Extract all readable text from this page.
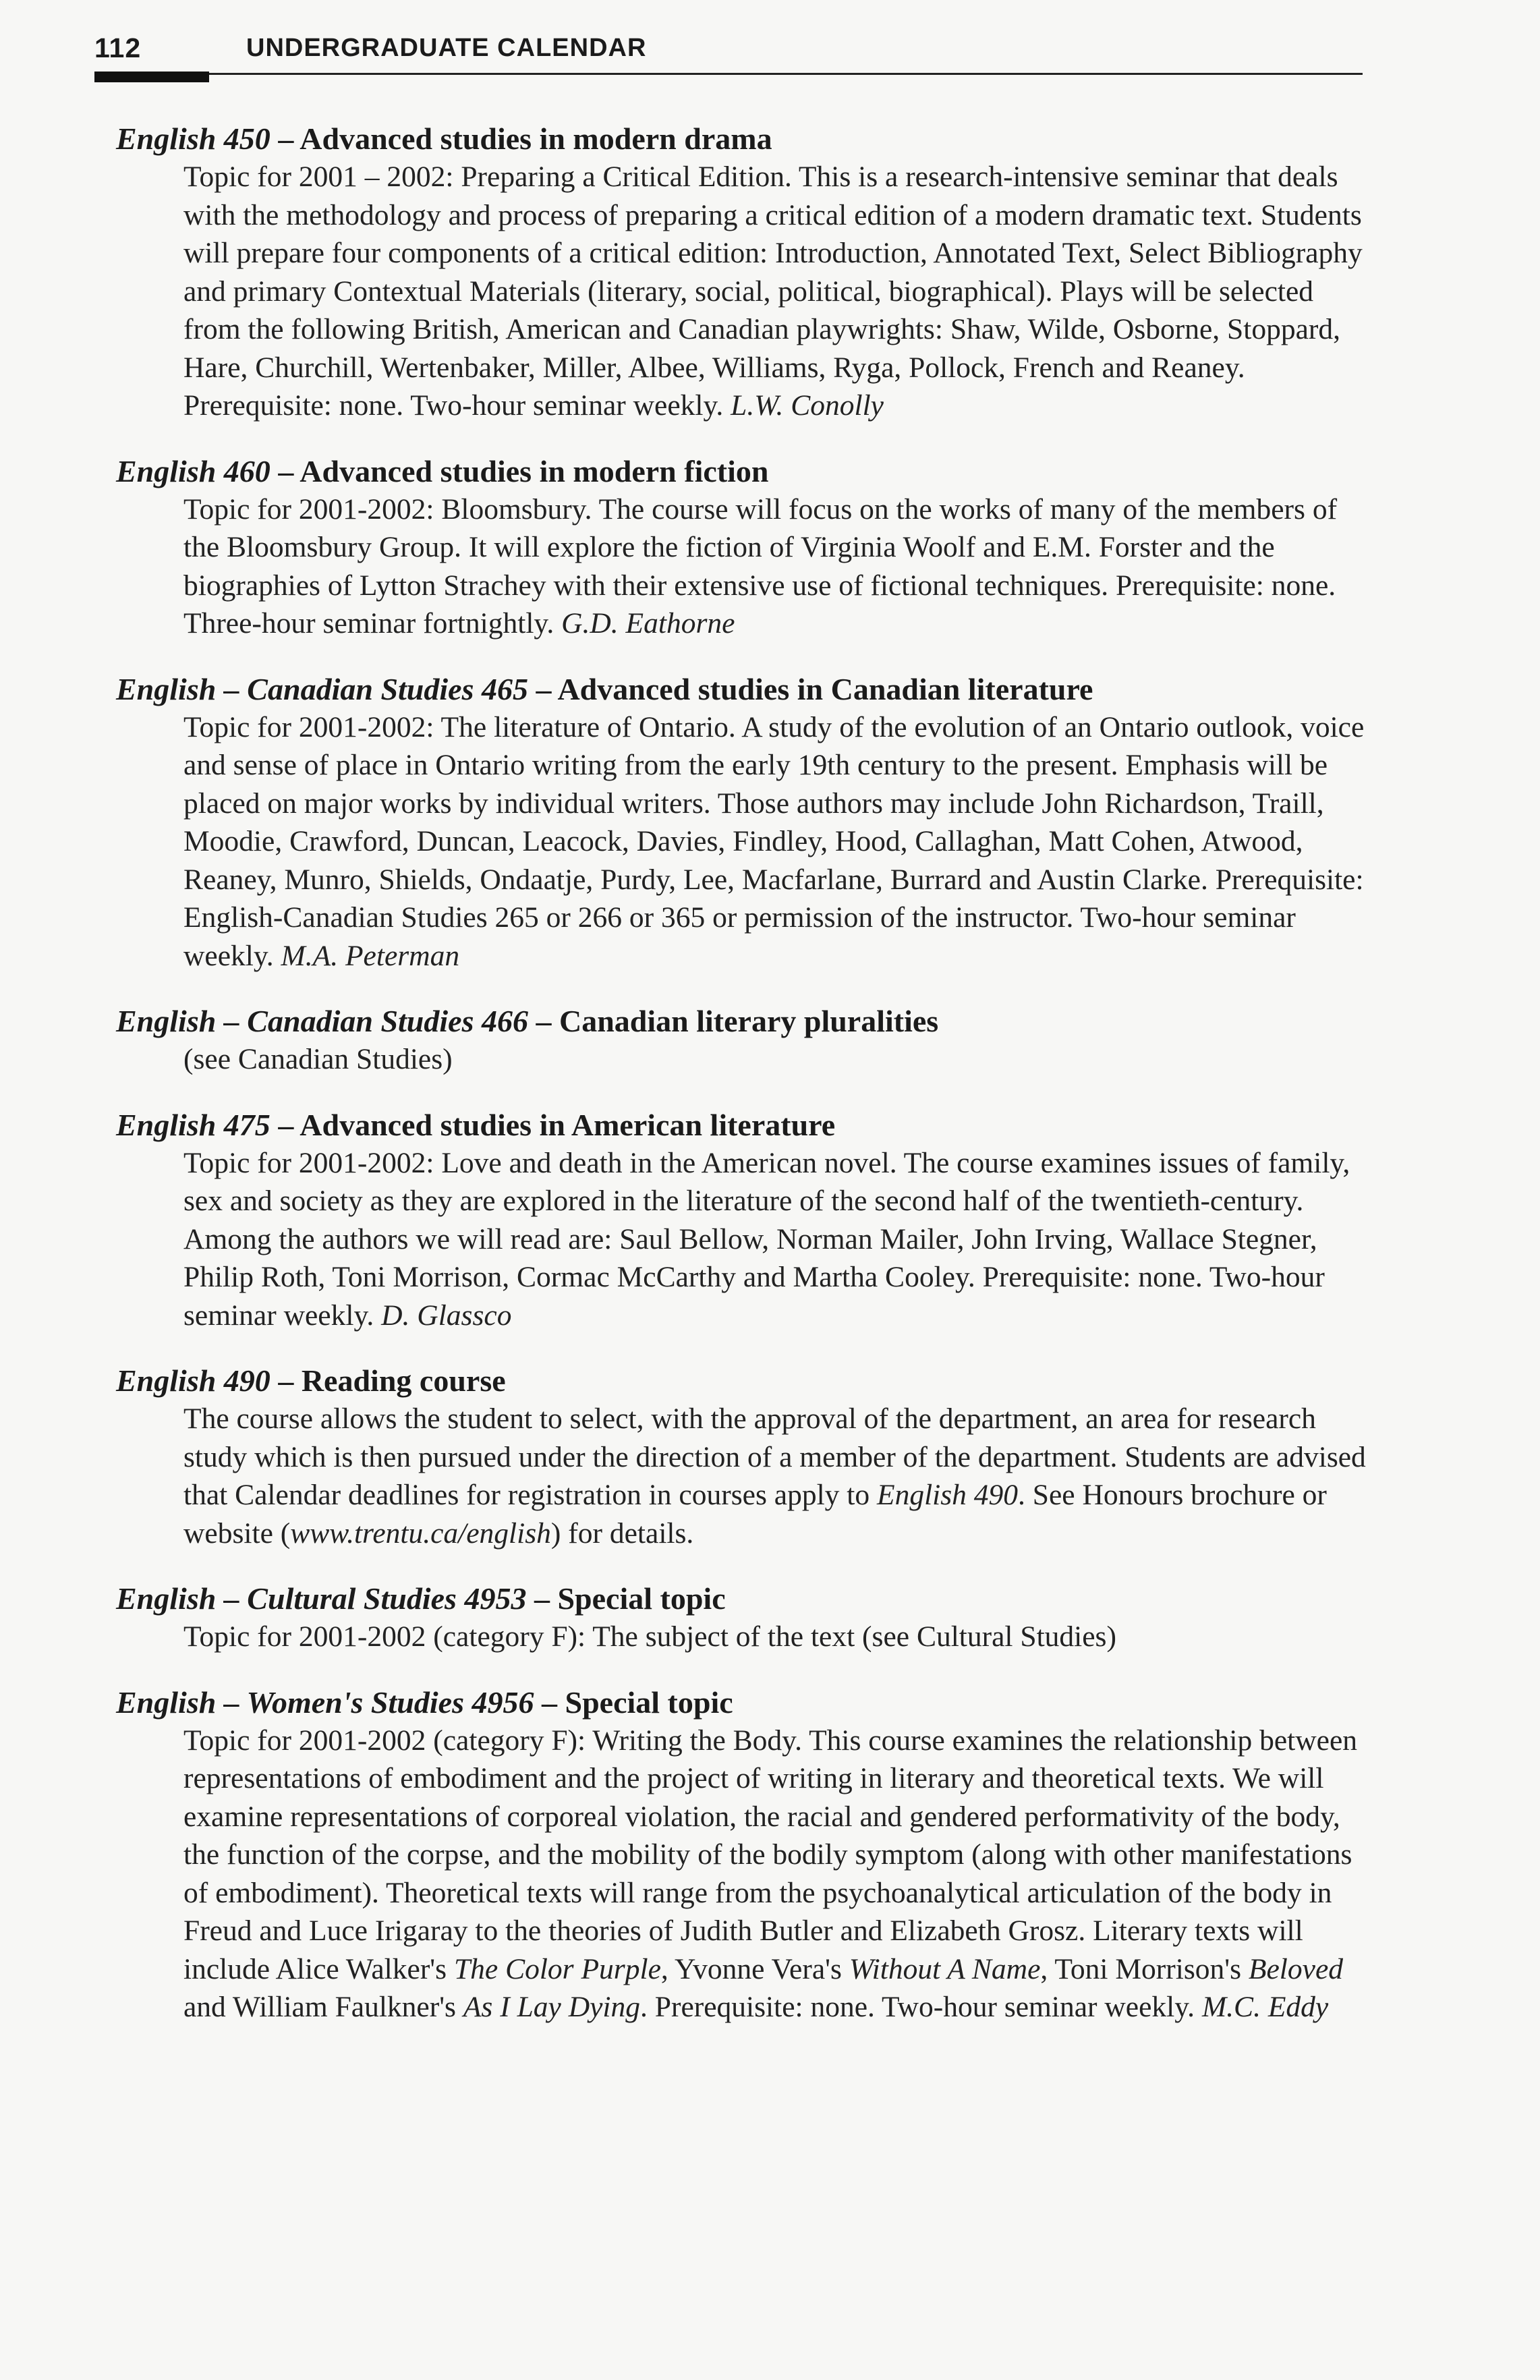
112	UNDERGRADUATE CALENDAR
English 450 – Advanced studies in modern drama
Topic for 2001 – 2002: Preparing a Critical Edition. This is a research-intensive seminar that deals with the methodology and process of preparing a critical edition of a modern dramatic text. Students will prepare four components of a critical edition: Introduction, Annotated Text, Select Bibliography and primary Contextual Materials (literary, social, political, biographical). Plays will be selected from the following British, American and Canadian playwrights: Shaw, Wilde, Osborne, Stoppard, Hare, Churchill, Wertenbaker, Miller, Albee, Williams, Ryga, Pollock, French and Reaney. Prerequisite: none. Two-hour seminar weekly. L.W. Conolly
English 460 – Advanced studies in modern fiction
Topic for 2001-2002: Bloomsbury. The course will focus on the works of many of the members of the Bloomsbury Group. It will explore the fiction of Virginia Woolf and E.M. Forster and the biographies of Lytton Strachey with their extensive use of fictional techniques. Prerequisite: none. Three-hour seminar fortnightly. G.D. Eathorne
English – Canadian Studies 465 – Advanced studies in Canadian literature
Topic for 2001-2002: The literature of Ontario. A study of the evolution of an Ontario outlook, voice and sense of place in Ontario writing from the early 19th century to the present. Emphasis will be placed on major works by individual writers. Those authors may include John Richardson, Traill, Moodie, Crawford, Duncan, Leacock, Davies, Findley, Hood, Callaghan, Matt Cohen, Atwood, Reaney, Munro, Shields, Ondaatje, Purdy, Lee, Macfarlane, Burrard and Austin Clarke. Prerequisite: English-Canadian Studies 265 or 266 or 365 or permission of the instructor. Two-hour seminar weekly. M.A. Peterman
English – Canadian Studies 466 – Canadian literary pluralities
(see Canadian Studies)
English 475 – Advanced studies in American literature
Topic for 2001-2002: Love and death in the American novel. The course examines issues of family, sex and society as they are explored in the literature of the second half of the twentieth-century. Among the authors we will read are: Saul Bellow, Norman Mailer, John Irving, Wallace Stegner, Philip Roth, Toni Morrison, Cormac McCarthy and Martha Cooley. Prerequisite: none. Two-hour seminar weekly. D. Glassco
English 490 – Reading course
The course allows the student to select, with the approval of the department, an area for research study which is then pursued under the direction of a member of the department. Students are advised that Calendar deadlines for registration in courses apply to English 490. See Honours brochure or website (www.trentu.ca/english) for details.
English – Cultural Studies 4953 – Special topic
Topic for 2001-2002 (category F): The subject of the text (see Cultural Studies)
English – Women's Studies 4956 – Special topic
Topic for 2001-2002 (category F): Writing the Body. This course examines the relationship between representations of embodiment and the project of writing in literary and theoretical texts. We will examine representations of corporeal violation, the racial and gendered performativity of the body, the function of the corpse, and the mobility of the bodily symptom (along with other manifestations of embodiment). Theoretical texts will range from the psychoanalytical articulation of the body in Freud and Luce Irigaray to the theories of Judith Butler and Elizabeth Grosz. Literary texts will include Alice Walker's The Color Purple, Yvonne Vera's Without A Name, Toni Morrison's Beloved and William Faulkner's As I Lay Dying. Prerequisite: none. Two-hour seminar weekly. M.C. Eddy
